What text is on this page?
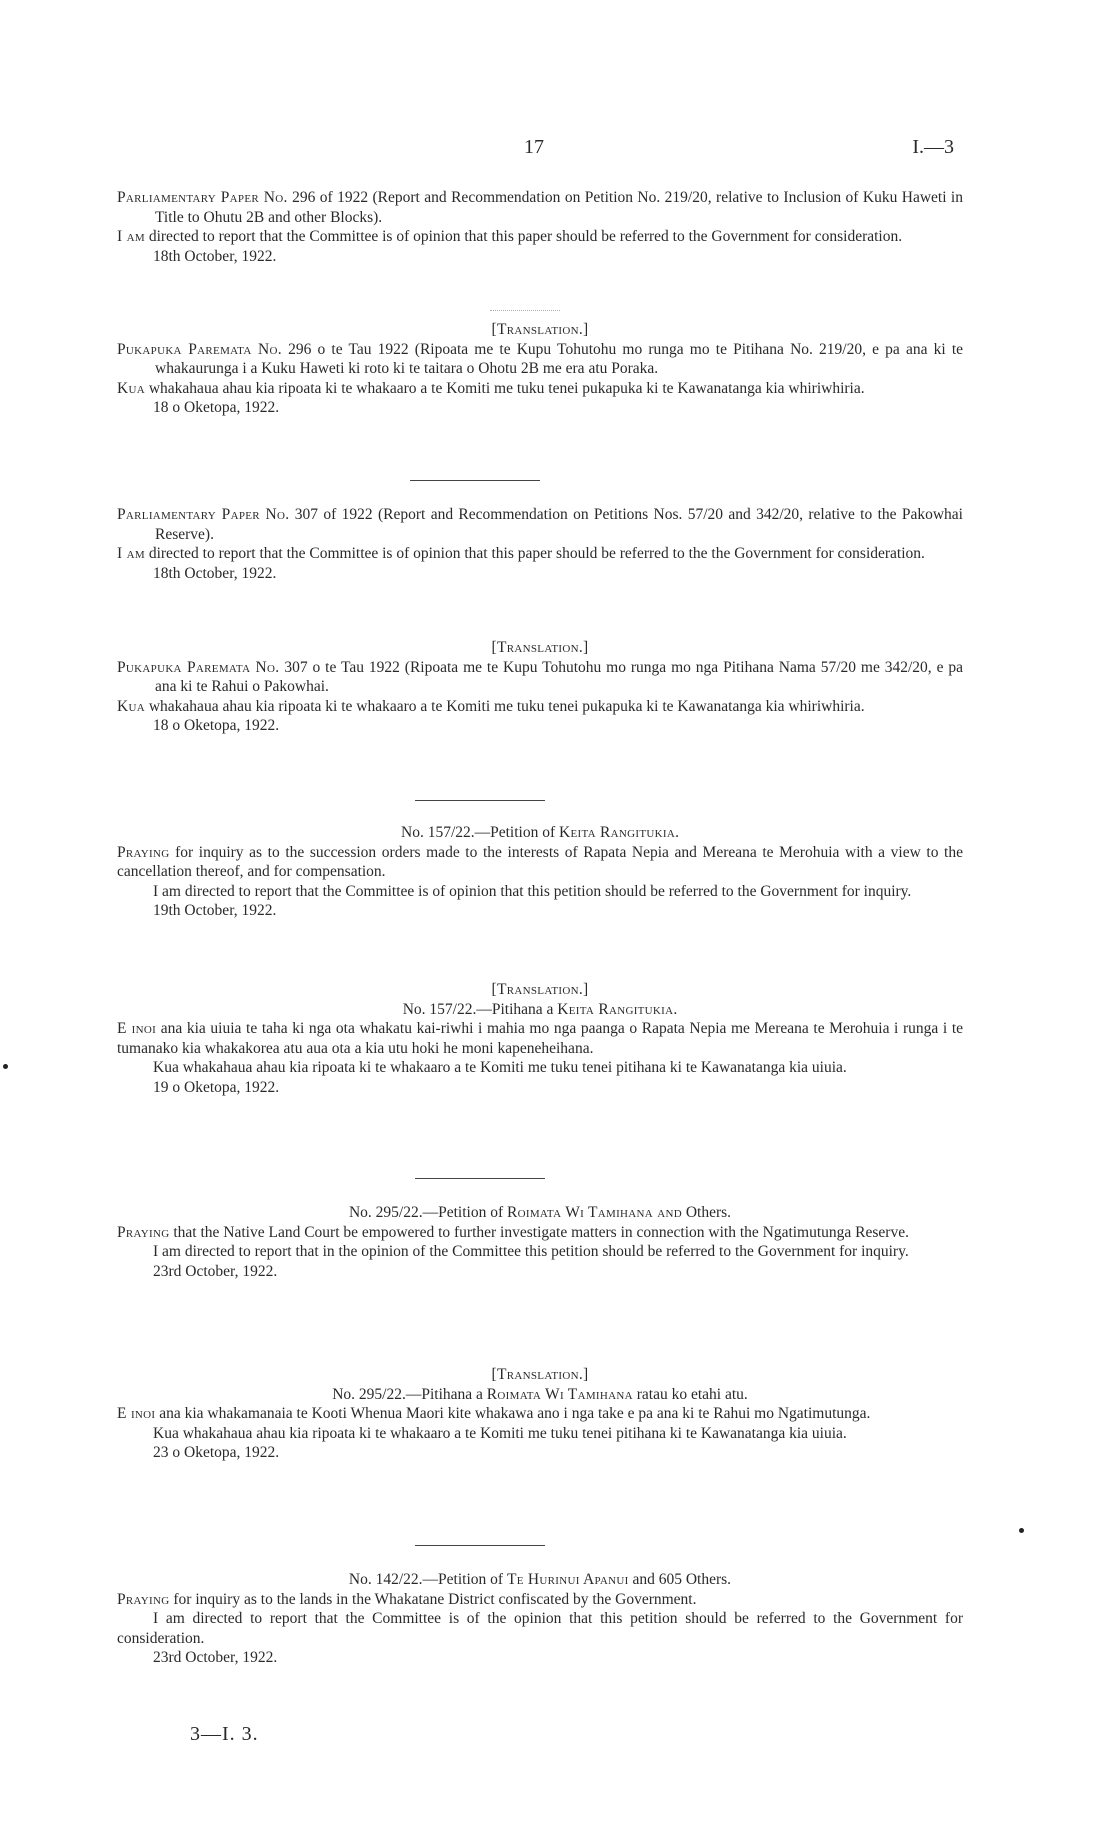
17	I.—3

Parliamentary Paper No. 296 of 1922 (Report and Recommendation on Petition No. 219/20, relative to Inclusion of Kuku Haweti in Title to Ohutu 2B and other Blocks).

I am directed to report that the Committee is of opinion that this paper should be referred to the Government for consideration.

18th October, 1922.

[Translation.]

Pukapuka Paremata No. 296 o te Tau 1922 (Ripoata me te Kupu Tohutohu mo runga mo te Pitihana No. 219/20, e pa ana ki te whakaurunga i a Kuku Haweti ki roto ki te taitara o Ohotu 2B me era atu Poraka.

Kua whakahaua ahau kia ripoata ki te whakaaro a te Komiti me tuku tenei pukapuka ki te Kawanatanga kia whiriwhiria.

18 o Oketopa, 1922.

Parliamentary Paper No. 307 of 1922 (Report and Recommendation on Petitions Nos. 57/20 and 342/20, relative to the Pakowhai Reserve).

I am directed to report that the Committee is of opinion that this paper should be referred to the the Government for consideration.

18th October, 1922.

[Translation.]

Pukapuka Paremata No. 307 o te Tau 1922 (Ripoata me te Kupu Tohutohu mo runga mo nga Pitihana Nama 57/20 me 342/20, e pa ana ki te Rahui o Pakowhai.

Kua whakahaua ahau kia ripoata ki te whakaaro a te Komiti me tuku tenei pukapuka ki te Kawanatanga kia whiriwhiria.

18 o Oketopa, 1922.

No. 157/22.—Petition of Keita Rangitukia.

Praying for inquiry as to the succession orders made to the interests of Rapata Nepia and Mereana te Merohuia with a view to the cancellation thereof, and for compensation.

I am directed to report that the Committee is of opinion that this petition should be referred to the Government for inquiry.

19th October, 1922.

[Translation.]

No. 157/22.—Pitihana a Keita Rangitukia.

E inoi ana kia uiuia te taha ki nga ota whakatu kai-riwhi i mahia mo nga paanga o Rapata Nepia me Mereana te Merohuia i runga i te tumanako kia whakakorea atu aua ota a kia utu hoki he moni kapeneheihana.

Kua whakahaua ahau kia ripoata ki te whakaaro a te Komiti me tuku tenei pitihana ki te Kawanatanga kia uiuia.

19 o Oketopa, 1922.

No. 295/22.—Petition of Roimata Wi Tamihana and Others.

Praying that the Native Land Court be empowered to further investigate matters in connection with the Ngatimutunga Reserve.

I am directed to report that in the opinion of the Committee this petition should be referred to the Government for inquiry.

23rd October, 1922.

[Translation.]

No. 295/22.—Pitihana a Roimata Wi Tamihana ratau ko etahi atu.

E inoi ana kia whakamanaia te Kooti Whenua Maori kite whakawa ano i nga take e pa ana ki te Rahui mo Ngatimutunga.

Kua whakahaua ahau kia ripoata ki te whakaaro a te Komiti me tuku tenei pitihana ki te Kawanatanga kia uiuia.

23 o Oketopa, 1922.

No. 142/22.—Petition of Te Hurinui Apanui and 605 Others.

Praying for inquiry as to the lands in the Whakatane District confiscated by the Government.

I am directed to report that the Committee is of the opinion that this petition should be referred to the Government for consideration.

23rd October, 1922.

3—I. 3.
